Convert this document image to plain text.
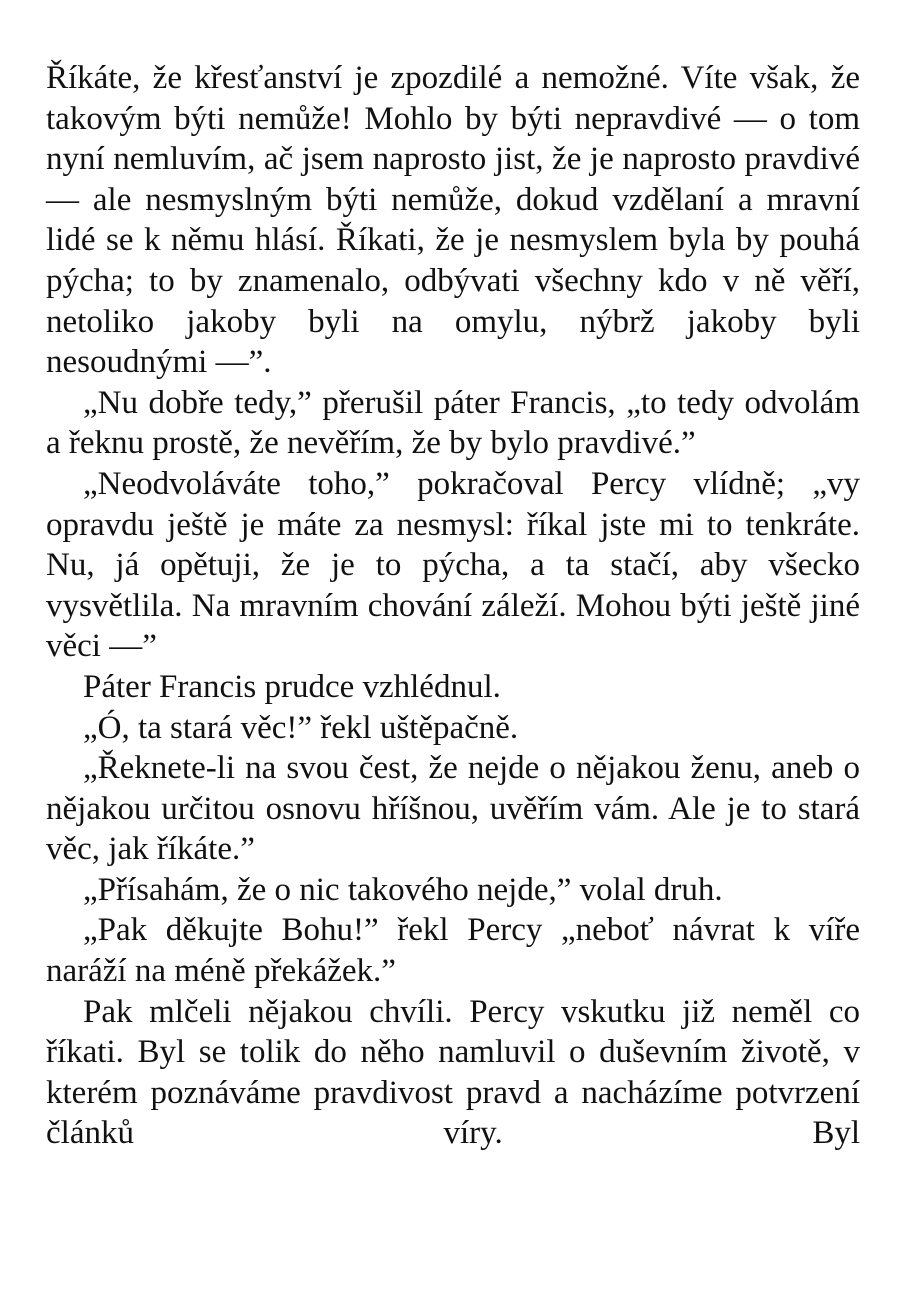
Říkáte, že křesťanství je zpozdilé a nemožné. Víte však, že takovým býti nemůže! Mohlo by býti nepravdivé — o tom nyní nemluvím, ač jsem naprosto jist, že je naprosto pravdivé — ale nesmyslným býti nemůže, dokud vzdělaní a mravní lidé se k němu hlásí. Říkati, že je nesmyslem byla by pouhá pýcha; to by znamenalo, odbývati všechny kdo v ně věří, netoliko jakoby byli na omylu, nýbrž jakoby byli nesoudnými —”.

„Nu dobře tedy,” přerušil páter Francis, „to tedy odvolám a řeknu prostě, že nevěřím, že by bylo pravdivé.”

„Neodvoláváte toho,” pokračoval Percy vlídně; „vy opravdu ještě je máte za nesmysl: říkal jste mi to tenkráte. Nu, já opětuji, že je to pýcha, a ta stačí, aby všecko vysvětlila. Na mravním chování záleží. Mohou býti ještě jiné věci —”

Páter Francis prudce vzhlédnul.

„Ó, ta stará věc!” řekl uštěpačně.

„Řeknete-li na svou čest, že nejde o nějakou ženu, aneb o nějakou určitou osnovu hříšnou, uvěřím vám. Ale je to stará věc, jak říkáte.”

„Přísahám, že o nic takového nejde,” volal druh.

„Pak děkujte Bohu!” řekl Percy „neboť návrat k víře naráží na méně překážek.”

Pak mlčeli nějakou chvíli. Percy vskutku již neměl co říkati. Byl se tolik do něho namluvil o duševním životě, v kterém poznáváme pravdivost pravd a nacházíme potvrzení článků víry. Byl
